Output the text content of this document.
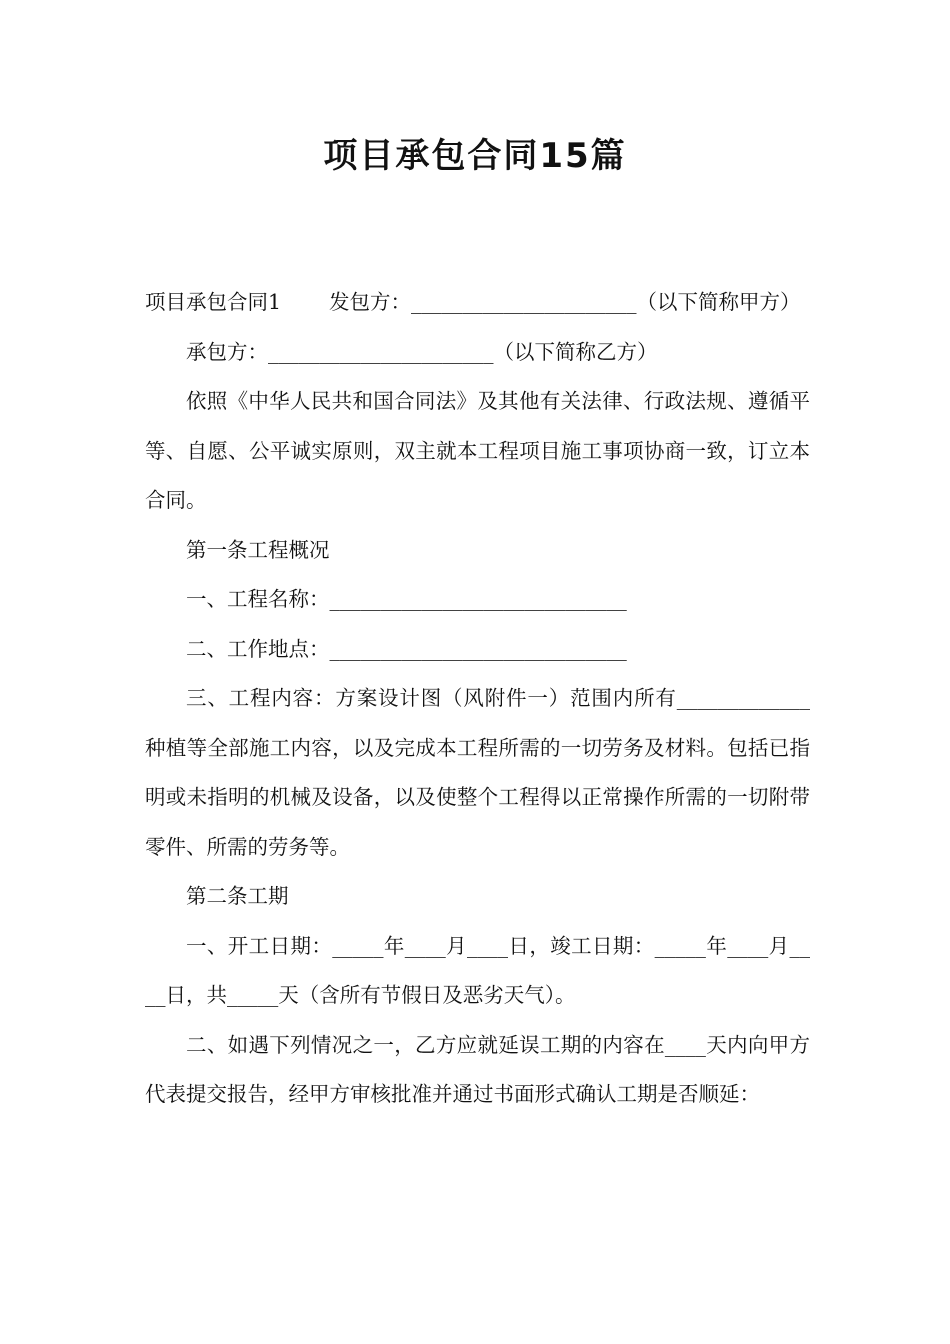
项目承包合同15篇

项目承包合同1 发包方：______________________（以下简称甲方）

承包方：______________________（以下简称乙方）

依照《中华人民共和国合同法》及其他有关法律、行政法规、遵循平等、自愿、公平诚实原则，双主就本工程项目施工事项协商一致，订立本合同。

第一条工程概况

一、工程名称：_____________________________

二、工作地点：_____________________________

三、工程内容：方案设计图（风附件一）范围内所有_____________种植等全部施工内容，以及完成本工程所需的一切劳务及材料。包括已指明或未指明的机械及设备，以及使整个工程得以正常操作所需的一切附带零件、所需的劳务等。

第二条工期

一、开工日期：_____年____月____日，竣工日期：_____年____月____日，共_____天（含所有节假日及恶劣天气）。

二、如遇下列情况之一，乙方应就延误工期的内容在____天内向甲方代表提交报告，经甲方审核批准并通过书面形式确认工期是否顺延：
